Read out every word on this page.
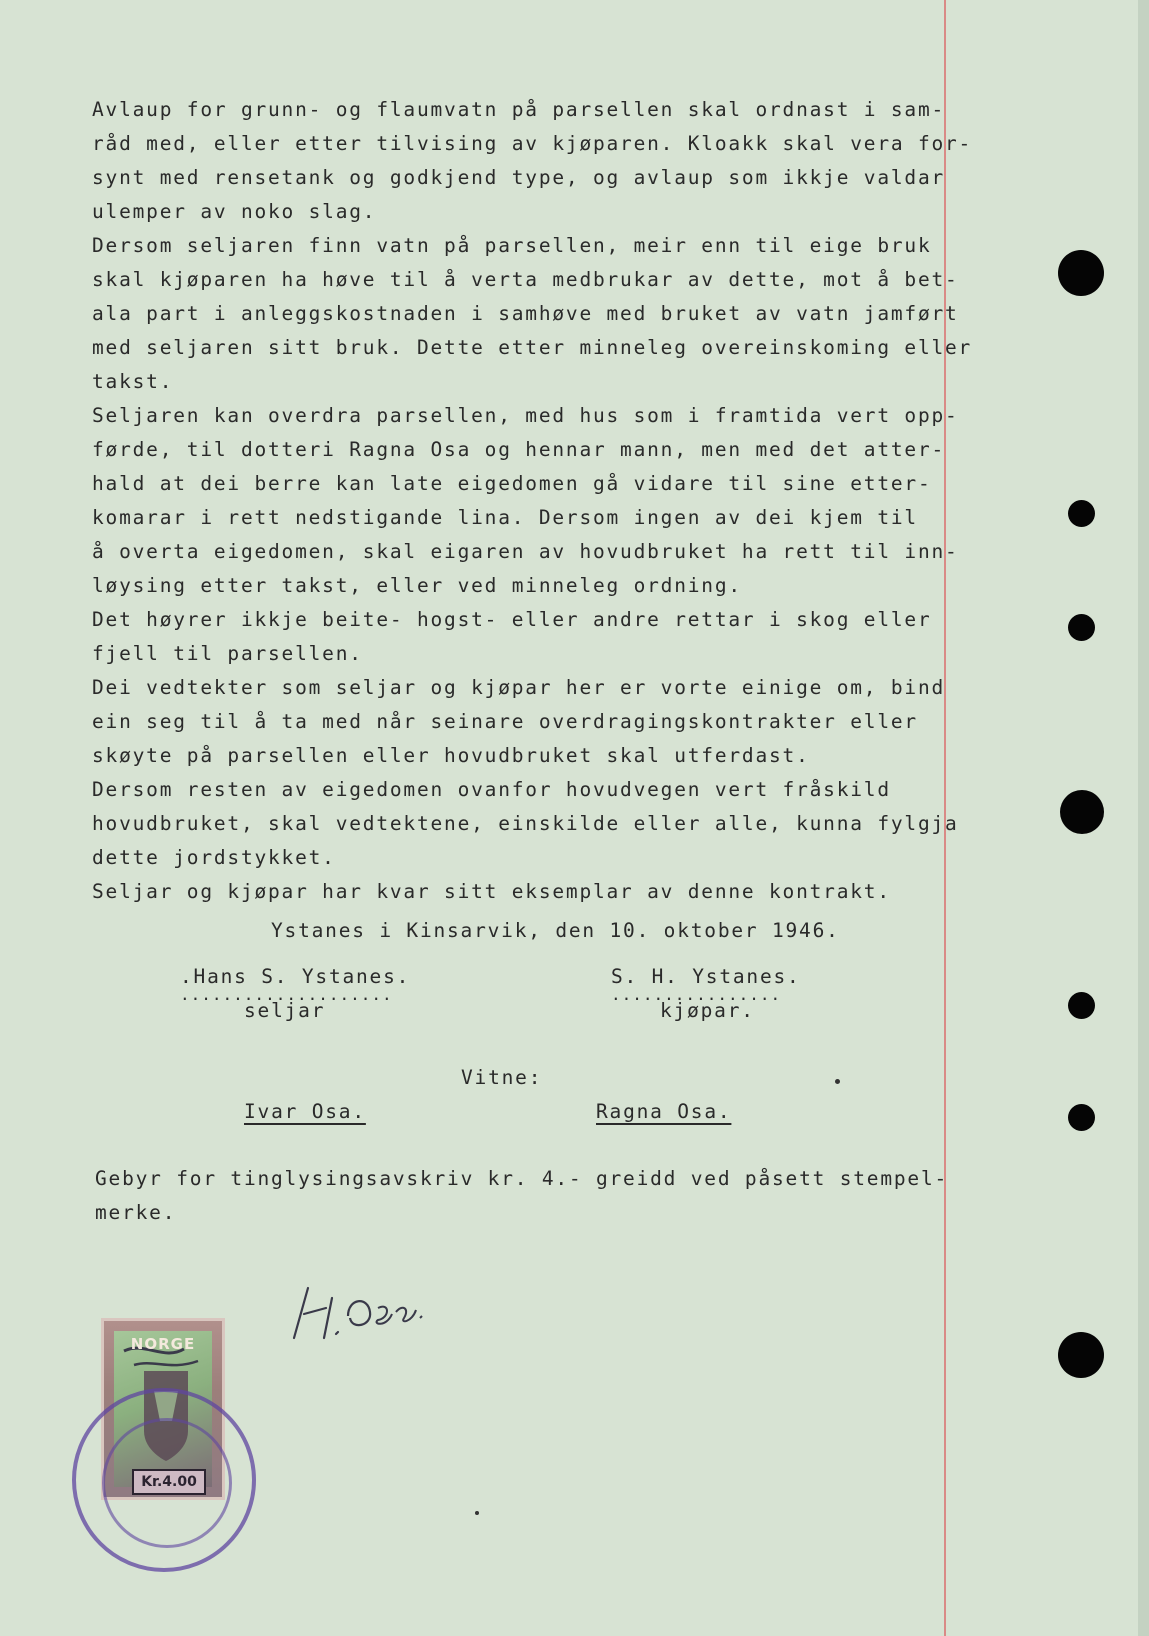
Avlaup for grunn- og flaumvatn på parsellen skal ordnast i sam-

råd med, eller etter tilvising av kjøparen. Kloakk skal vera for-

synt med rensetank og godkjend type, og avlaup som ikkje valdar

ulemper av noko slag.

Dersom seljaren finn vatn på parsellen, meir enn til eige bruk

skal kjøparen ha høve til å verta medbrukar av dette, mot å bet-

ala part i anleggskostnaden i samhøve med bruket av vatn jamført

med seljaren sitt bruk. Dette etter minneleg overeinskoming eller

takst.

Seljaren kan overdra parsellen, med hus som i framtida vert opp-

førde, til dotteri Ragna Osa og hennar mann, men med det atter-

hald at dei berre kan late eigedomen gå vidare til sine etter-

komarar i rett nedstigande lina. Dersom ingen av dei kjem til

å overta eigedomen, skal eigaren av hovudbruket ha rett til inn-

løysing etter takst, eller ved minneleg ordning.

Det høyrer ikkje beite- hogst- eller andre rettar i skog eller

fjell til parsellen.

Dei vedtekter som seljar og kjøpar her er vorte einige om, bind

ein seg til å ta med når seinare overdragingskontrakter eller

skøyte på parsellen eller hovudbruket skal utferdast.

Dersom resten av eigedomen ovanfor hovudvegen vert fråskild

hovudbruket, skal vedtektene, einskilde eller alle, kunna fylgja

dette jordstykket.

Seljar og kjøpar har kvar sitt eksemplar av denne kontrakt.

Ystanes i Kinsarvik, den 10. oktober 1946.
.Hans S. Ystanes.
....................
seljar
S. H. Ystanes.
................
kjøpar.
Vitne:
Ivar Osa.	Ragna Osa.
Gebyr for tinglysingsavskriv kr. 4.- greidd ved påsett stempel-
merke.
NORGE
Kr.4.00
